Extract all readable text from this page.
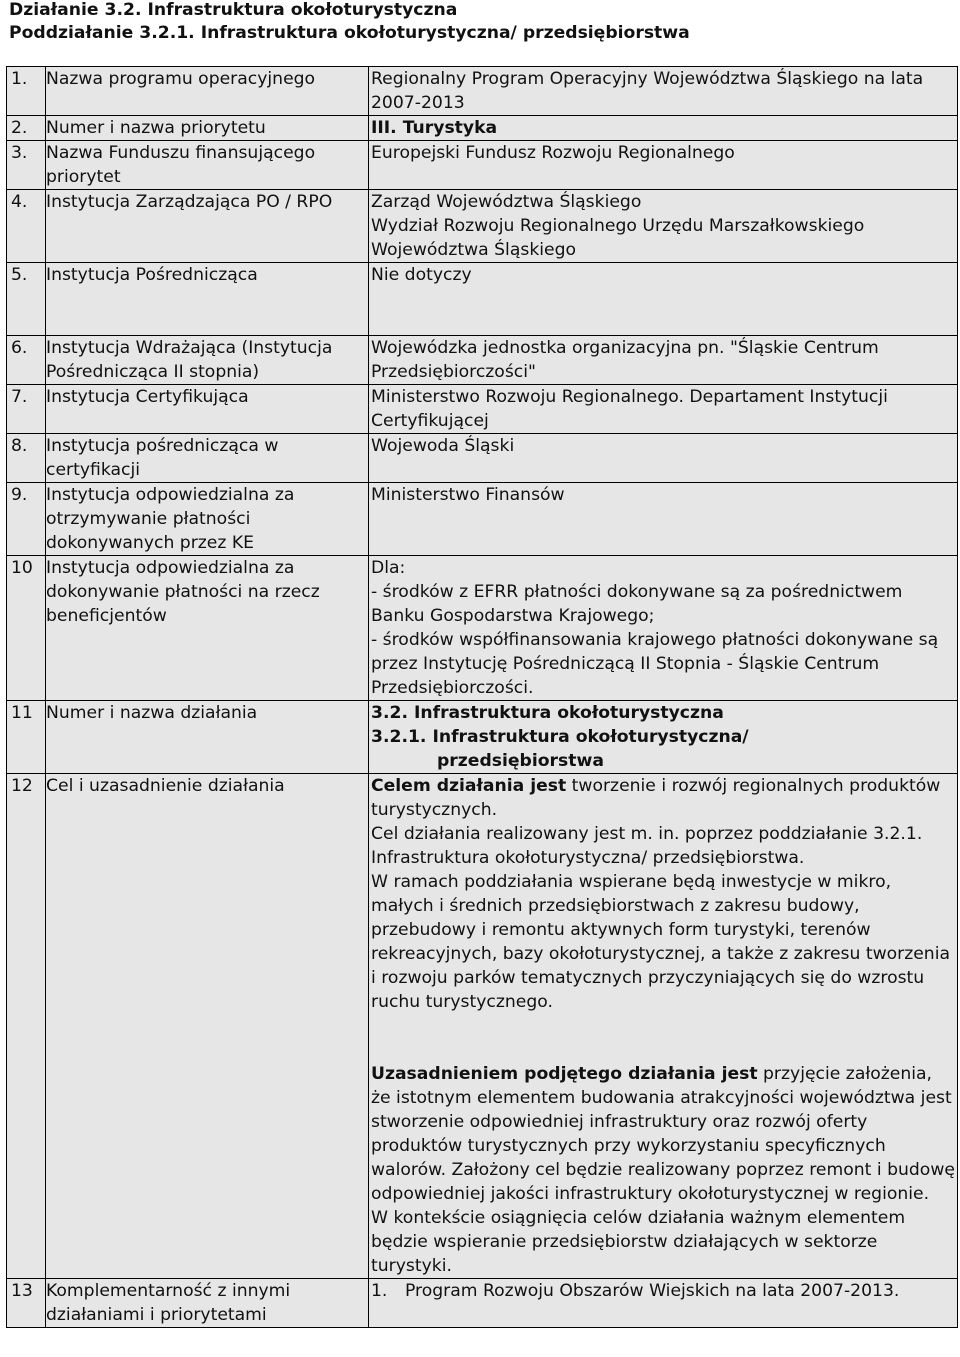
Działanie 3.2. Infrastruktura okołoturystyczna
Poddziałanie 3.2.1. Infrastruktura okołoturystyczna/ przedsiębiorstwa
1.	Nazwa programu operacyjnego	Regionalny Program Operacyjny Województwa Śląskiego na lata 2007-2013
2.	Numer i nazwa priorytetu	III. Turystyka
3.	Nazwa Funduszu finansującego priorytet	Europejski Fundusz Rozwoju Regionalnego
4.	Instytucja Zarządzająca PO / RPO	Zarząd Województwa Śląskiego
Wydział Rozwoju Regionalnego Urzędu Marszałkowskiego Województwa Śląskiego

5.	Instytucja Pośrednicząca	Nie dotyczy

6.	Instytucja Wdrażająca (Instytucja Pośrednicząca II stopnia)	Wojewódzka jednostka organizacyjna pn. "Śląskie Centrum Przedsiębiorczości"
7.	Instytucja Certyfikująca	Ministerstwo Rozwoju Regionalnego. Departament Instytucji Certyfikującej
8.	Instytucja pośrednicząca w certyfikacji	Wojewoda Śląski
9.	Instytucja odpowiedzialna za otrzymywanie płatności dokonywanych przez KE	Ministerstwo Finansów
10	Instytucja odpowiedzialna za dokonywanie płatności na rzecz beneficjentów	Dla:
- środków z EFRR płatności dokonywane są za pośrednictwem Banku Gospodarstwa Krajowego;
- środków współfinansowania krajowego płatności dokonywane są przez Instytucję Pośredniczącą II Stopnia - Śląskie Centrum Przedsiębiorczości.

11	Numer i nazwa działania	3.2. Infrastruktura okołoturystyczna
3.2.1. Infrastruktura okołoturystyczna/
przedsiębiorstwa

12	Cel i uzasadnienie działania	Celem działania jest tworzenie i rozwój regionalnych produktów turystycznych.
Cel działania realizowany jest m. in. poprzez poddziałanie 3.2.1. Infrastruktura okołoturystyczna/ przedsiębiorstwa.
W ramach poddziałania wspierane będą inwestycje w mikro, małych i średnich przedsiębiorstwach z zakresu budowy, przebudowy i remontu aktywnych form turystyki, terenów rekreacyjnych, bazy okołoturystycznej, a także z zakresu tworzenia i rozwoju parków tematycznych przyczyniających się do wzrostu ruchu turystycznego.
Uzasadnieniem podjętego działania jest przyjęcie założenia, że istotnym elementem budowania atrakcyjności województwa jest stworzenie odpowiedniej infrastruktury oraz rozwój oferty produktów turystycznych przy wykorzystaniu specyficznych walorów. Założony cel będzie realizowany poprzez remont i budowę odpowiedniej jakości infrastruktury okołoturystycznej w regionie.
W kontekście osiągnięcia celów działania ważnym elementem będzie wspieranie przedsiębiorstw działających w sektorze turystyki.

13	Komplementarność z innymi działaniami i priorytetami	1. Program Rozwoju Obszarów Wiejskich na lata 2007-2013.
